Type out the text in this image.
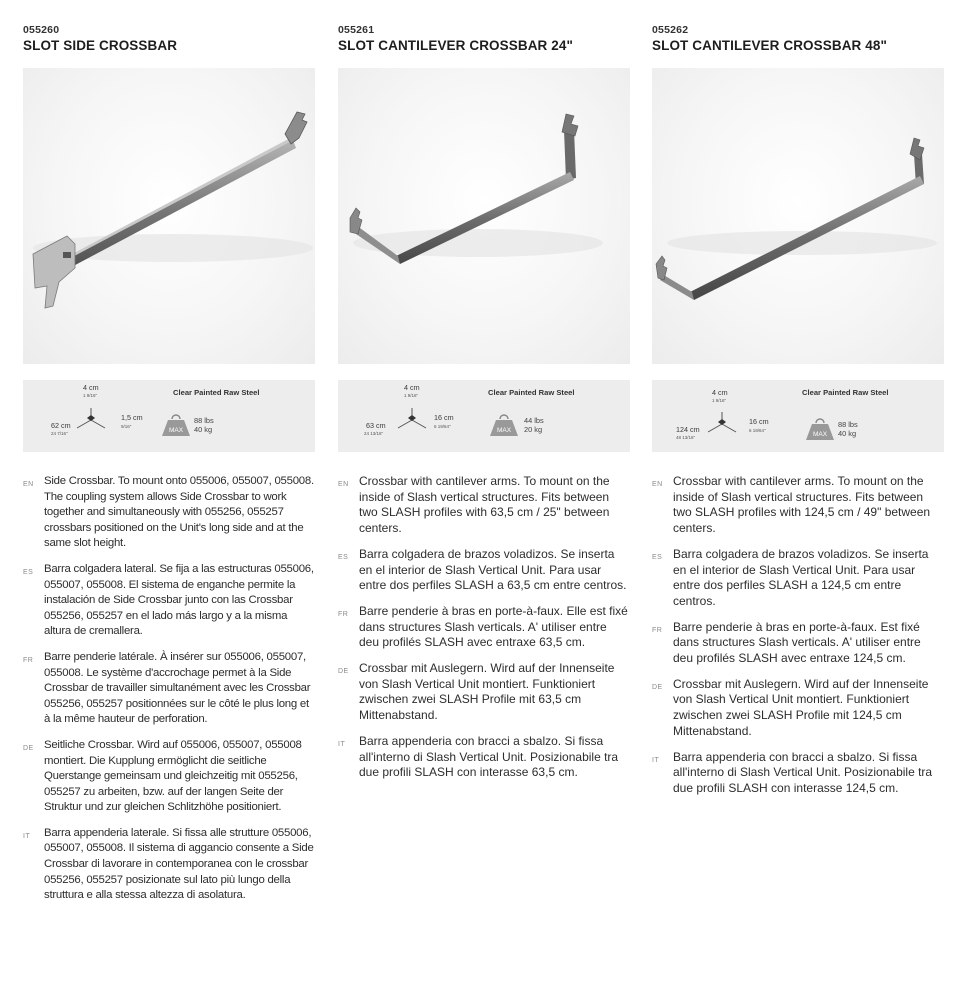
055260
SLOT SIDE CROSSBAR
4 cm
1 9/16"
62 cm
24 7/16"
1,5 cm
9/16"
Clear Painted Raw Steel
MAX
88 lbs
40 kg
EN Side Crossbar. To mount onto 055006, 055007, 055008. The coupling system allows Side Crossbar to work together and simultaneously with 055256, 055257 crossbars positioned on the Unit's long side and at the same slot height.
ES Barra colgadera lateral. Se fija a las estructuras 055006, 055007, 055008. El sistema de enganche permite la instalación de Side Crossbar junto con las Crossbar 055256, 055257 en el lado más largo y a la misma altura de cremallera.
FR Barre penderie latérale. À insérer sur 055006, 055007, 055008. Le système d'accrochage permet à la Side Crossbar de travailler simultanément avec les Crossbar 055256, 055257 positionnées sur le côté le plus long et à la même hauteur de perforation.
DE Seitliche Crossbar. Wird auf 055006, 055007, 055008 montiert. Die Kupplung ermöglicht die seitliche Querstange gemeinsam und gleichzeitig mit 055256, 055257 zu arbeiten, bzw. auf der langen Seite der Struktur und zur gleichen Schlitzhöhe positioniert.
IT Barra appenderia laterale. Si fissa alle strutture 055006, 055007, 055008. Il sistema di aggancio consente a Side Crossbar di lavorare in contemporanea con le crossbar 055256, 055257 posizionate sul lato più lungo della struttura e alla stessa altezza di asolatura.
055261
SLOT CANTILEVER CROSSBAR 24"
4 cm
1 9/16"
63 cm
24 13/16"
16 cm
6 19/64"
Clear Painted Raw Steel
MAX
44 lbs
20 kg
EN Crossbar with cantilever arms. To mount on the inside of Slash vertical structures. Fits between two SLASH profiles with 63,5 cm / 25" between centers.
ES Barra colgadera de brazos voladizos. Se inserta en el interior de Slash Vertical Unit. Para usar entre dos perfiles SLASH a 63,5 cm entre centros.
FR Barre penderie à bras en porte-à-faux. Elle est fixé dans structures Slash verticals. A' utiliser entre deu profilés SLASH avec entraxe 63,5 cm.
DE Crossbar mit Auslegern. Wird auf der Innenseite von Slash Vertical Unit montiert. Funktioniert zwischen zwei SLASH Profile mit 63,5 cm Mittenabstand.
IT Barra appenderia con bracci a sbalzo. Si fissa all'interno di Slash Vertical Unit. Posizionabile tra due profili SLASH con interasse 63,5 cm.
055262
SLOT CANTILEVER CROSSBAR 48"
4 cm
1 9/16"
124 cm
48 13/16"
16 cm
6 19/64"
Clear Painted Raw Steel
MAX
88 lbs
40 kg
EN Crossbar with cantilever arms. To mount on the inside of Slash vertical structures. Fits between two SLASH profiles with 124,5 cm / 49" between centers.
ES Barra colgadera de brazos voladizos. Se inserta en el interior de Slash Vertical Unit. Para usar entre dos perfiles SLASH a 124,5 cm entre centros.
FR Barre penderie à bras en porte-à-faux. Est fixé dans structures Slash verticals. A' utiliser entre deu profilés SLASH avec entraxe 124,5 cm.
DE Crossbar mit Auslegern. Wird auf der Innenseite von Slash Vertical Unit montiert. Funktioniert zwischen zwei SLASH Profile mit 124,5 cm Mittenabstand.
IT Barra appenderia con bracci a sbalzo. Si fissa all'interno di Slash Vertical Unit. Posizionabile tra due profili SLASH con interasse 124,5 cm.
